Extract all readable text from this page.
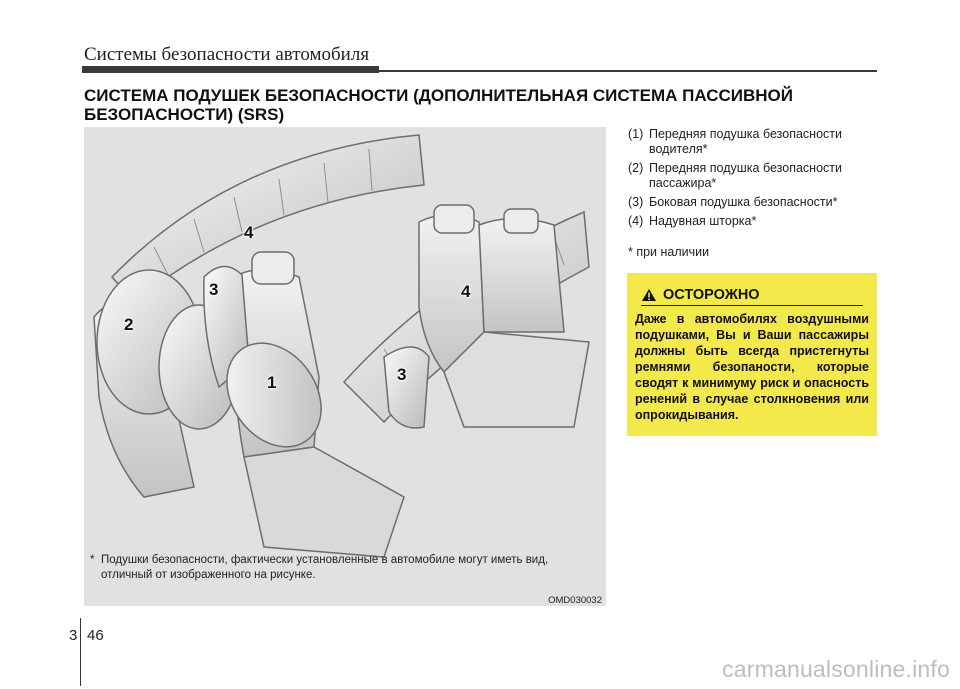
Системы безопасности автомобиля
СИСТЕМА ПОДУШЕК БЕЗОПАСНОСТИ (ДОПОЛНИТЕЛЬНАЯ СИСТЕМА ПАССИВНОЙ БЕЗОПАСНОСТИ) (SRS)
4
3
2
1
4
3
* Подушки безопасности, фактически установленные в автомобиле могут иметь вид, отличный от изображенного на рисунке.
OMD030032
(1) Передняя подушка безопасности водителя*
(2) Передняя подушка безопасности пассажира*
(3) Боковая подушка безопасности*
(4) Надувная шторка*
* при наличии
ОСТОРОЖНО
Даже в автомобилях воздушными подушками, Вы и Ваши пассажиры должны быть всегда пристегнуты ремнями безопаности, которые сводят к минимуму риск и опасность ренений в случае столкновения или опрокидывания.
3 46
carmanualsonline.info
